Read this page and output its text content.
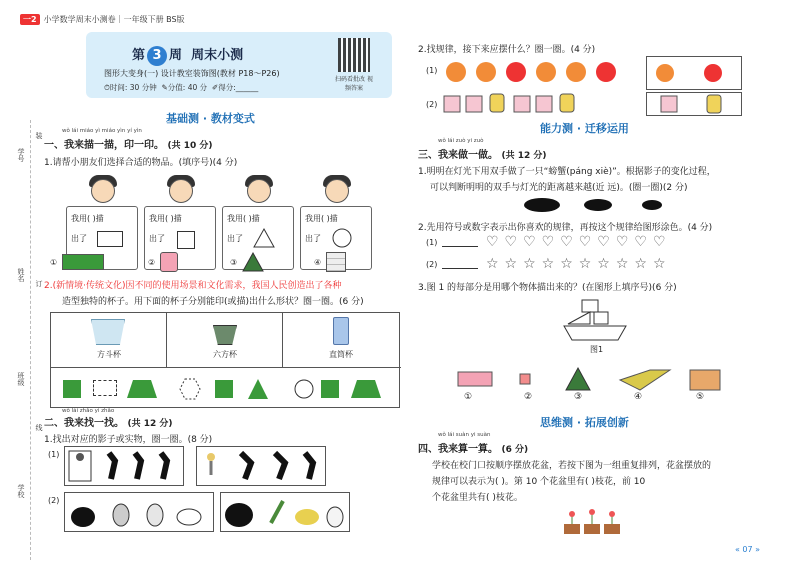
一2 小学数学周末小测卷｜一年级下册 BS版
第 3 周 周末小测
图形大变身(一) 设计教室装饰图(教材 P18～P26)
⏱时间: 30 分钟 ✎分值: 40 分 ✐得分:______
扫码看批改 视频答案
学号
姓名
班级
学校
装
订
线
基础测 · 教材变式
wǒ lái miáo yì miáo yìn yí yìn
一、我来描一描，印一印。 (共 10 分)
1.请帮小朋友们选择合适的物品。(填序号)(4 分)
我用( )描
出了
我用( )描
出了
我用( )描
出了
我用( )描
出了
①	②	③	④
2.(新情境·传统文化)因不同的使用场景和文化需求，我国人民创造出了各种
造型独特的杯子。用下面的杯子分别能印(或描)出什么形状？圈一圈。(6 分)
方斗杯	六方杯	直筒杯
wǒ lái zhǎo yi zhǎo
二、我来找一找。 (共 12 分)
1.找出对应的影子或实物，圈一圈。(8 分)
(1)
(2)
2.找规律，接下来应摆什么？圈一圈。(4 分)
(1)
(2)
能力测 · 迁移运用
wǒ lái zuò yi zuò
三、我来做一做。 (共 12 分)
1.明明在灯光下用双手做了一只“螃蟹(páng xiè)”。根据影子的变化过程，
可以判断明明的双手与灯光的距离越来越(近 远)。(圈一圈)(2 分)
2.先用符号或数字表示出你喜欢的规律，再按这个规律给图形涂色。(4 分)
(1)	♡♡♡♡♡♡♡♡♡♡
(2)	☆☆☆☆☆☆☆☆☆☆
3.图 1 的每部分是用哪个物体描出来的？(在图形上填序号)(6 分)
图1
①	②	③	④	⑤
思维测 · 拓展创新
wǒ lái suàn yi suàn
四、我来算一算。 (6 分)
学校在校门口按顺序摆放花盆，若按下图为一组重复排列，花盆摆放的
规律可以表示为( )。第 10 个花盆里有( )枝花，前 10
个花盆里共有( )枝花。
« 07 »
